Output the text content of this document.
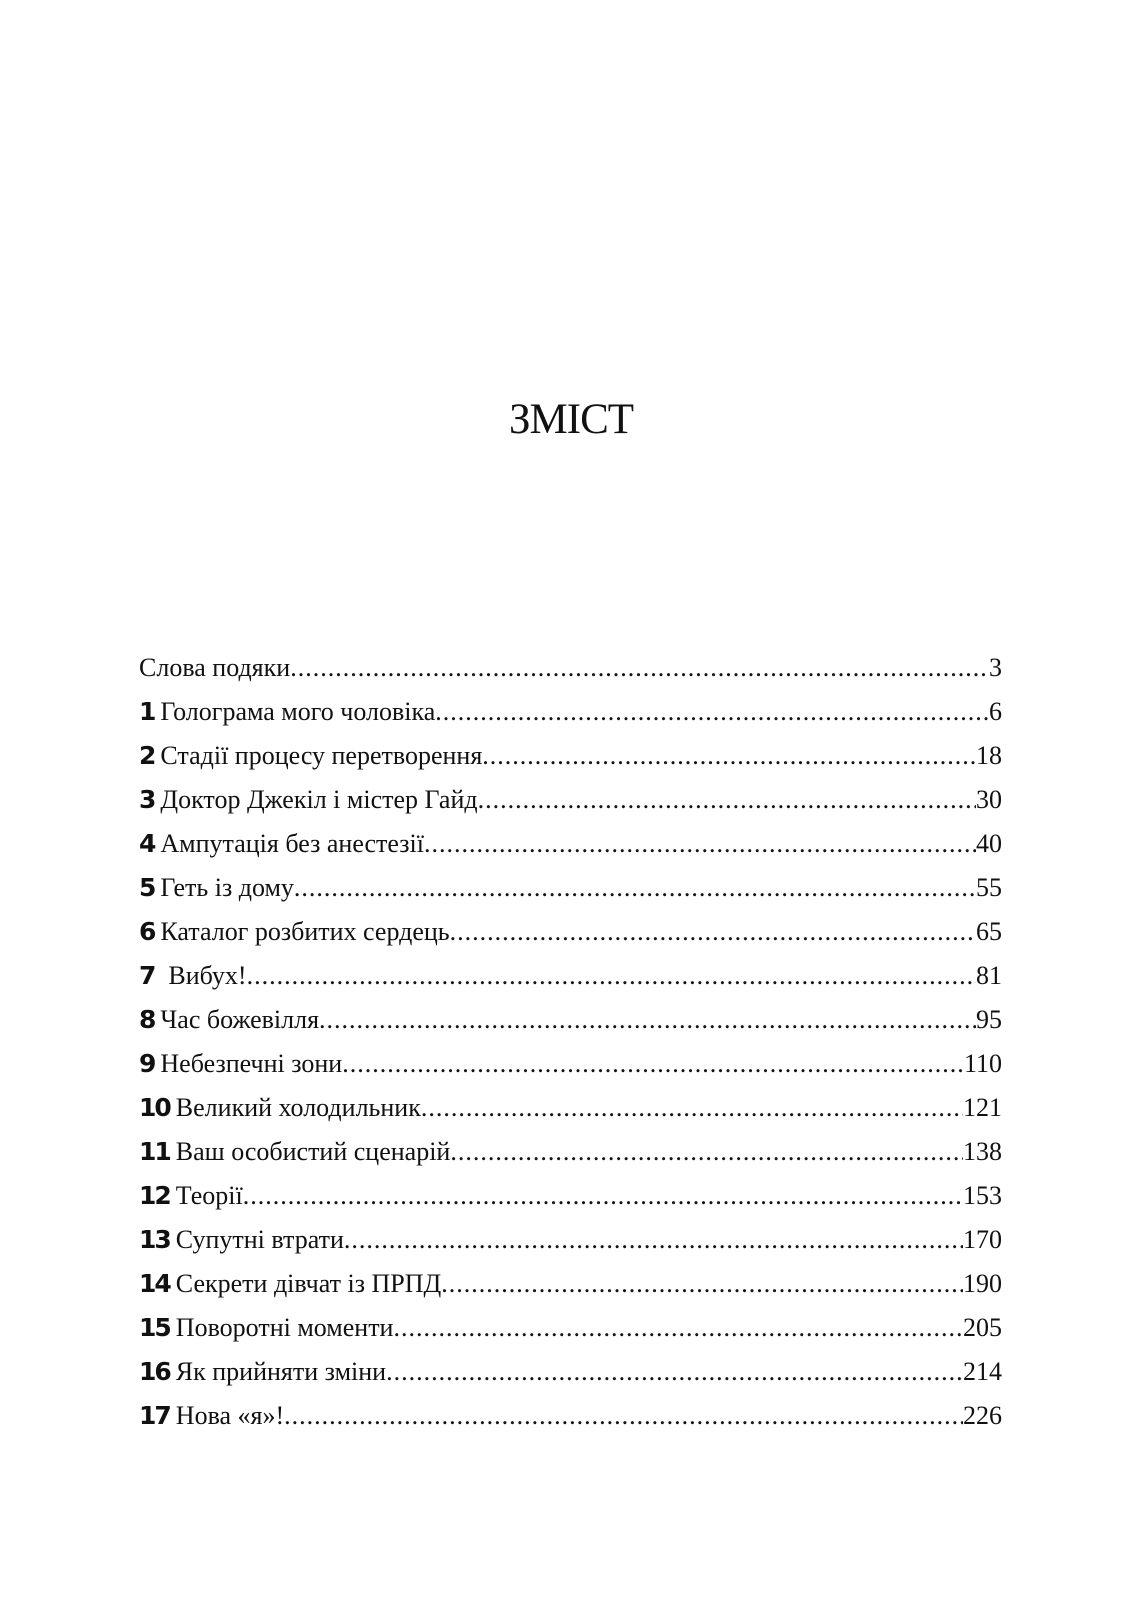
ЗМІСТ
Слова подяки .....	3
1 Голограма мого чоловіка .....	6
2 Стадії процесу перетворення .....	18
3 Доктор Джекіл і містер Гайд .....	30
4 Ампутація без анестезії .....	40
5 Геть із дому .....	55
6 Каталог розбитих сердець .....	65
7 Вибух! .....	81
8 Час божевілля .....	95
9 Небезпечні зони .....	110
10 Великий холодильник .....	121
11 Ваш особистий сценарій .....	138
12 Теорії .....	153
13 Супутні втрати .....	170
14 Секрети дівчат із ПРПД .....	190
15 Поворотні моменти .....	205
16 Як прийняти зміни .....	214
17 Нова «я»! .....	226
